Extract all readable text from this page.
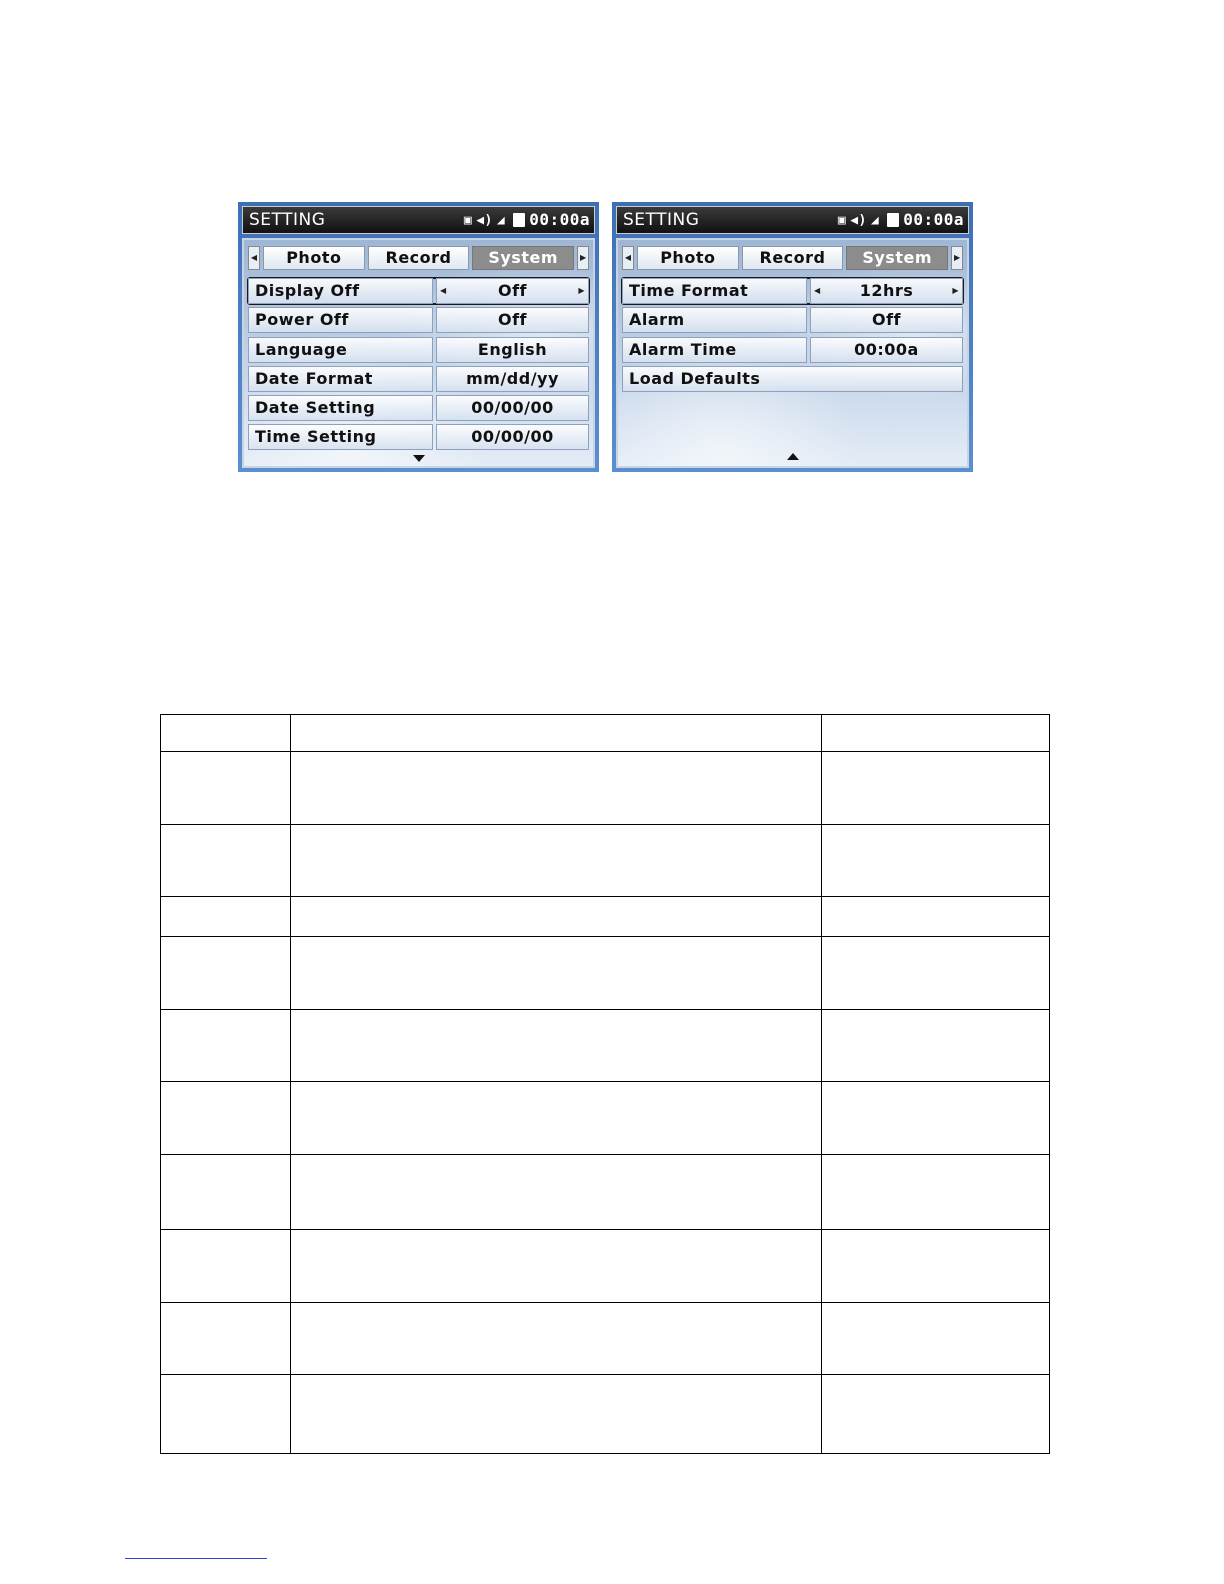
SETTING	▣ ◀) ◢ 00:00a
◀	Photo	Record	System	▶
Display Off	◀	Off	▶
Power Off	Off
Language	English
Date Format	mm/dd/yy
Date Setting	00/00/00
Time Setting	00/00/00
SETTING	▣ ◀) ◢ 00:00a
◀	Photo	Record	System	▶
Time Format	◀ 12hrs	▶
Alarm	Off
Alarm Time	00:00a
Load Defaults
